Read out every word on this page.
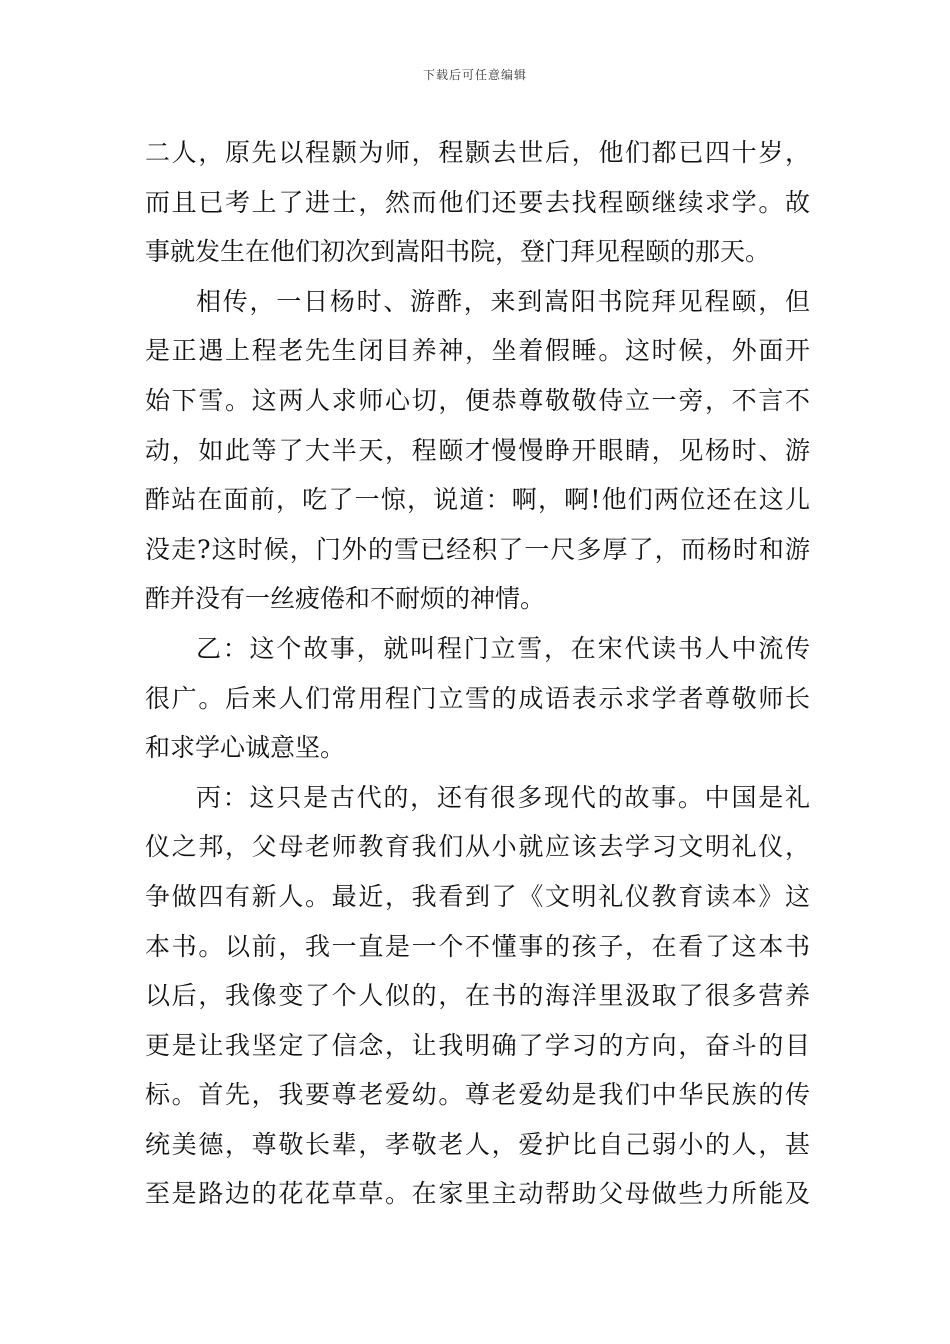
下载后可任意编辑
二人，原先以程颢为师，程颢去世后，他们都已四十岁，
而且已考上了进士，然而他们还要去找程颐继续求学。故
事就发生在他们初次到嵩阳书院，登门拜见程颐的那天。
相传，一日杨时、游酢，来到嵩阳书院拜见程颐，但
是正遇上程老先生闭目养神，坐着假睡。这时候，外面开
始下雪。这两人求师心切，便恭尊敬敬侍立一旁，不言不
动，如此等了大半天，程颐才慢慢睁开眼睛，见杨时、游
酢站在面前，吃了一惊，说道：啊，啊!他们两位还在这儿
没走?这时候，门外的雪已经积了一尺多厚了，而杨时和游
酢并没有一丝疲倦和不耐烦的神情。
乙：这个故事，就叫程门立雪，在宋代读书人中流传
很广。后来人们常用程门立雪的成语表示求学者尊敬师长
和求学心诚意坚。
丙：这只是古代的，还有很多现代的故事。中国是礼
仪之邦，父母老师教育我们从小就应该去学习文明礼仪，
争做四有新人。最近，我看到了《文明礼仪教育读本》这
本书。以前，我一直是一个不懂事的孩子，在看了这本书
以后，我像变了个人似的，在书的海洋里汲取了很多营养
更是让我坚定了信念，让我明确了学习的方向，奋斗的目
标。首先，我要尊老爱幼。尊老爱幼是我们中华民族的传
统美德，尊敬长辈，孝敬老人，爱护比自己弱小的人，甚
至是路边的花花草草。在家里主动帮助父母做些力所能及
